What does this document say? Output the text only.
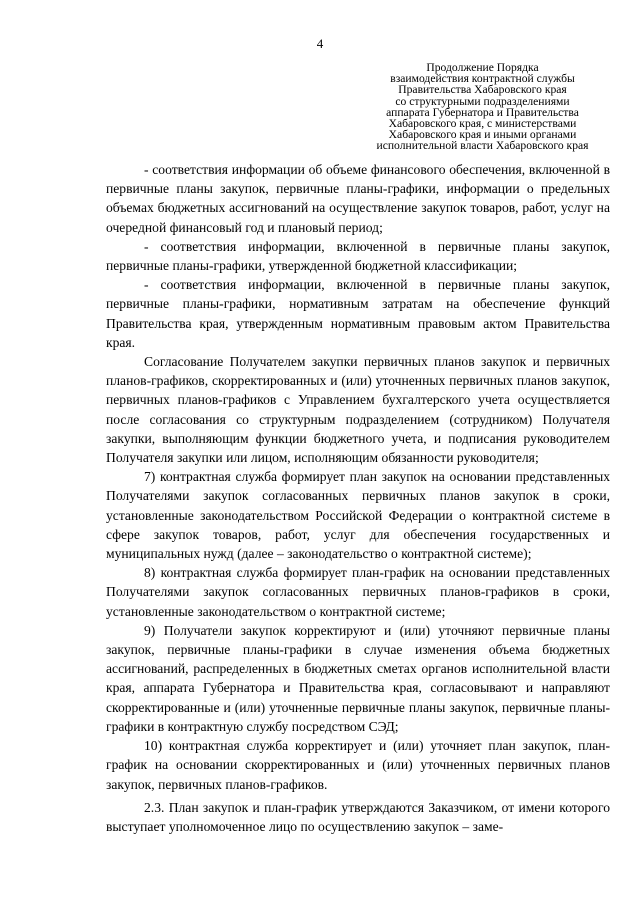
4
Продолжение Порядка
взаимодействия контрактной службы
Правительства Хабаровского края
со структурными подразделениями
аппарата Губернатора и Правительства
Хабаровского края, с министерствами
Хабаровского края и иными органами
исполнительной власти Хабаровского края

- соответствия информации об объеме финансового обеспечения, включенной в первичные планы закупок, первичные планы-графики, информации о предельных объемах бюджетных ассигнований на осуществление закупок товаров, работ, услуг на очередной финансовый год и плановый период;

- соответствия информации, включенной в первичные планы закупок, первичные планы-графики, утвержденной бюджетной классификации;

- соответствия информации, включенной в первичные планы закупок, первичные планы-графики, нормативным затратам на обеспечение функций Правительства края, утвержденным нормативным правовым актом Правительства края.

Согласование Получателем закупки первичных планов закупок и первичных планов-графиков, скорректированных и (или) уточненных первичных планов закупок, первичных планов-графиков с Управлением бухгалтерского учета осуществляется после согласования со структурным подразделением (сотрудником) Получателя закупки, выполняющим функции бюджетного учета, и подписания руководителем Получателя закупки или лицом, исполняющим обязанности руководителя;

7) контрактная служба формирует план закупок на основании представленных Получателями закупок согласованных первичных планов закупок в сроки, установленные законодательством Российской Федерации о контрактной системе в сфере закупок товаров, работ, услуг для обеспечения государственных и муниципальных нужд (далее – законодательство о контрактной системе);

8) контрактная служба формирует план-график на основании представленных Получателями закупок согласованных первичных планов-графиков в сроки, установленные законодательством о контрактной системе;

9) Получатели закупок корректируют и (или) уточняют первичные планы закупок, первичные планы-графики в случае изменения объема бюджетных ассигнований, распределенных в бюджетных сметах органов исполнительной власти края, аппарата Губернатора и Правительства края, согласовывают и направляют скорректированные и (или) уточненные первичные планы закупок, первичные планы-графики в контрактную службу посредством СЭД;

10) контрактная служба корректирует и (или) уточняет план закупок, план-график на основании скорректированных и (или) уточненных первичных планов закупок, первичных планов-графиков.

2.3. План закупок и план-график утверждаются Заказчиком, от имени которого выступает уполномоченное лицо по осуществлению закупок – заме-
